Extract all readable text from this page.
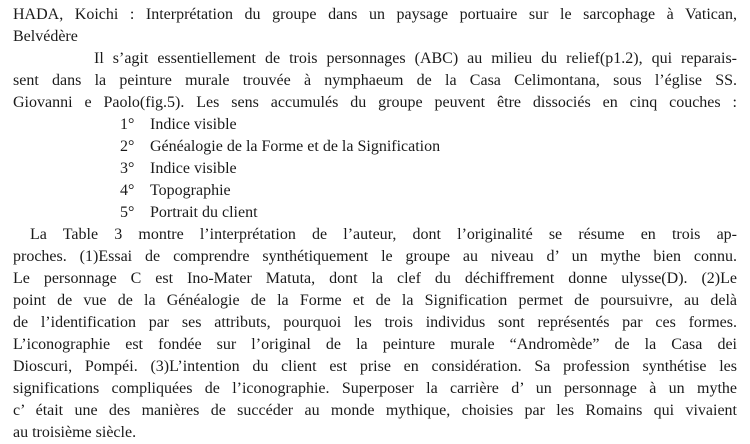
HADA, Koichi : Interprétation du groupe dans un paysage portuaire sur le sarcophage à Vatican,
Belvédère
Il s’agit essentiellement de trois personnages (ABC) au milieu du relief(p1.2), qui reparais-
sent dans la peinture murale trouvée à nymphaeum de la Casa Celimontana, sous l’église SS.
Giovanni e Paolo(fig.5). Les sens accumulés du groupe peuvent être dissociés en cinq couches :
1° Indice visible
2° Généalogie de la Forme et de la Signification
3° Indice visible
4° Topographie
5° Portrait du client
La Table 3 montre l’interprétation de l’auteur, dont l’originalité se résume en trois ap-
proches. (1)Essai de comprendre synthétiquement le groupe au niveau d’ un mythe bien connu.
Le personnage C est Ino-Mater Matuta, dont la clef du déchiffrement donne ulysse(D). (2)Le
point de vue de la Généalogie de la Forme et de la Signification permet de poursuivre, au delà
de l’identification par ses attributs, pourquoi les trois individus sont représentés par ces formes.
L’iconographie est fondée sur l’original de la peinture murale “Andromède” de la Casa dei
Dioscuri, Pompéi. (3)L’intention du client est prise en considération. Sa profession synthétise les
significations compliquées de l’iconographie. Superposer la carrière d’ un personnage à un mythe
c’ était une des manières de succéder au monde mythique, choisies par les Romains qui vivaient
au troisième siècle.
